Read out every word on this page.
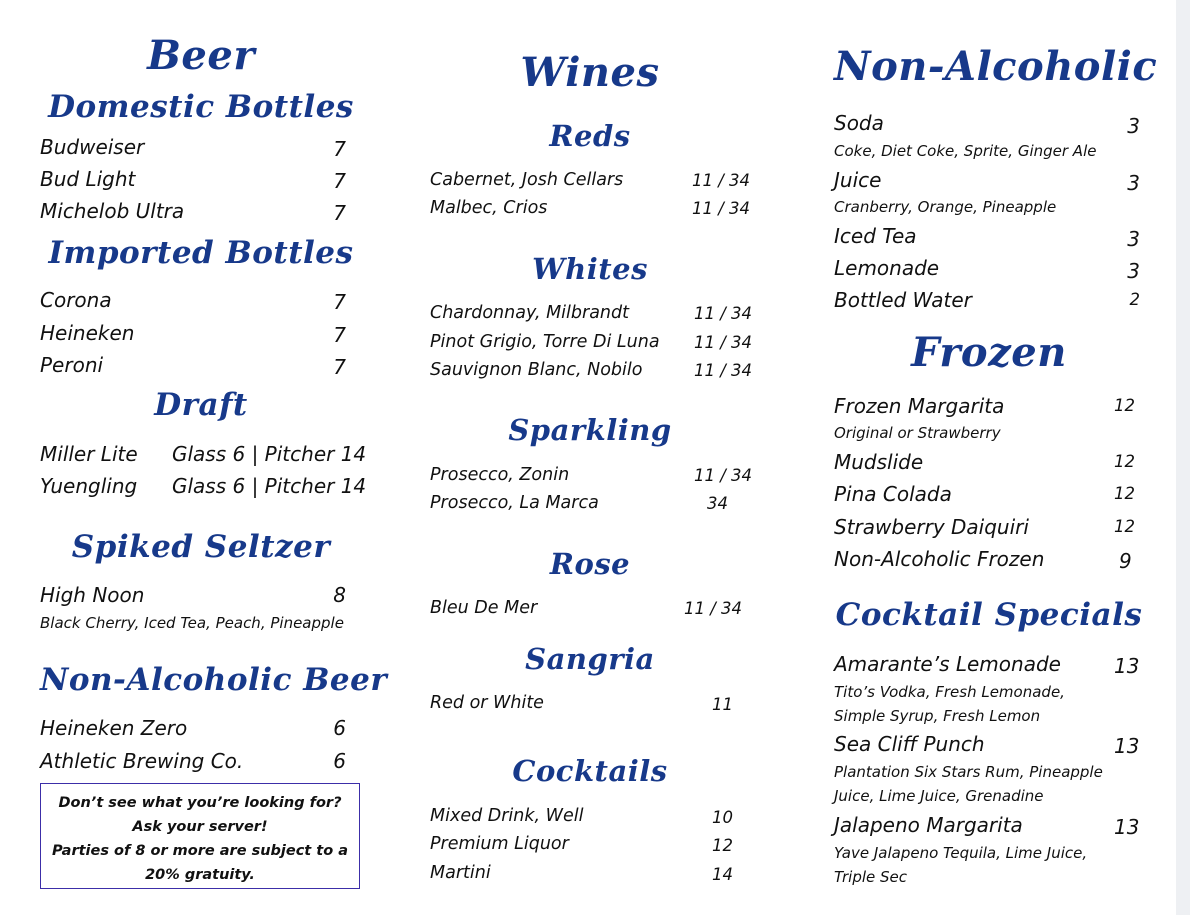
Beer
Domestic Bottles
Budweiser	7
Bud Light	7
Michelob Ultra	7
Imported Bottles
Corona	7
Heineken	7
Peroni	7
Draft
Miller Lite Glass 6 | Pitcher 14
Yuengling Glass 6 | Pitcher 14
Spiked Seltzer
High Noon	8
Black Cherry, Iced Tea, Peach, Pineapple
Non-Alcoholic Beer
Heineken Zero	6
Athletic Brewing Co.	6
Don’t see what you’re looking for?
Ask your server!
Parties of 8 or more are subject to a
20% gratuity.
Wines
Reds
Cabernet, Josh Cellars	11 / 34
Malbec, Crios	11 / 34
Whites
Chardonnay, Milbrandt	11 / 34
Pinot Grigio, Torre Di Luna 11 / 34
Sauvignon Blanc, Nobilo	11 / 34
Sparkling
Prosecco, Zonin	11 / 34
Prosecco, La Marca	34
Rose
Bleu De Mer	11 / 34
Sangria
Red or White	11
Cocktails
Mixed Drink, Well	10
Premium Liquor	12
Martini	14
Non-Alcoholic
Soda	3
Coke, Diet Coke, Sprite, Ginger Ale
Juice	3
Cranberry, Orange, Pineapple
Iced Tea	3
Lemonade	3
Bottled Water	2
Frozen
Frozen Margarita	12
Original or Strawberry
Mudslide	12
Pina Colada	12
Strawberry Daiquiri	12
Non-Alcoholic Frozen	9
Cocktail Specials
Amarante’s Lemonade	13
Tito’s Vodka, Fresh Lemonade,
Simple Syrup, Fresh Lemon
Sea Cliff Punch	13
Plantation Six Stars Rum, Pineapple
Juice, Lime Juice, Grenadine
Jalapeno Margarita	13
Yave Jalapeno Tequila, Lime Juice,
Triple Sec
